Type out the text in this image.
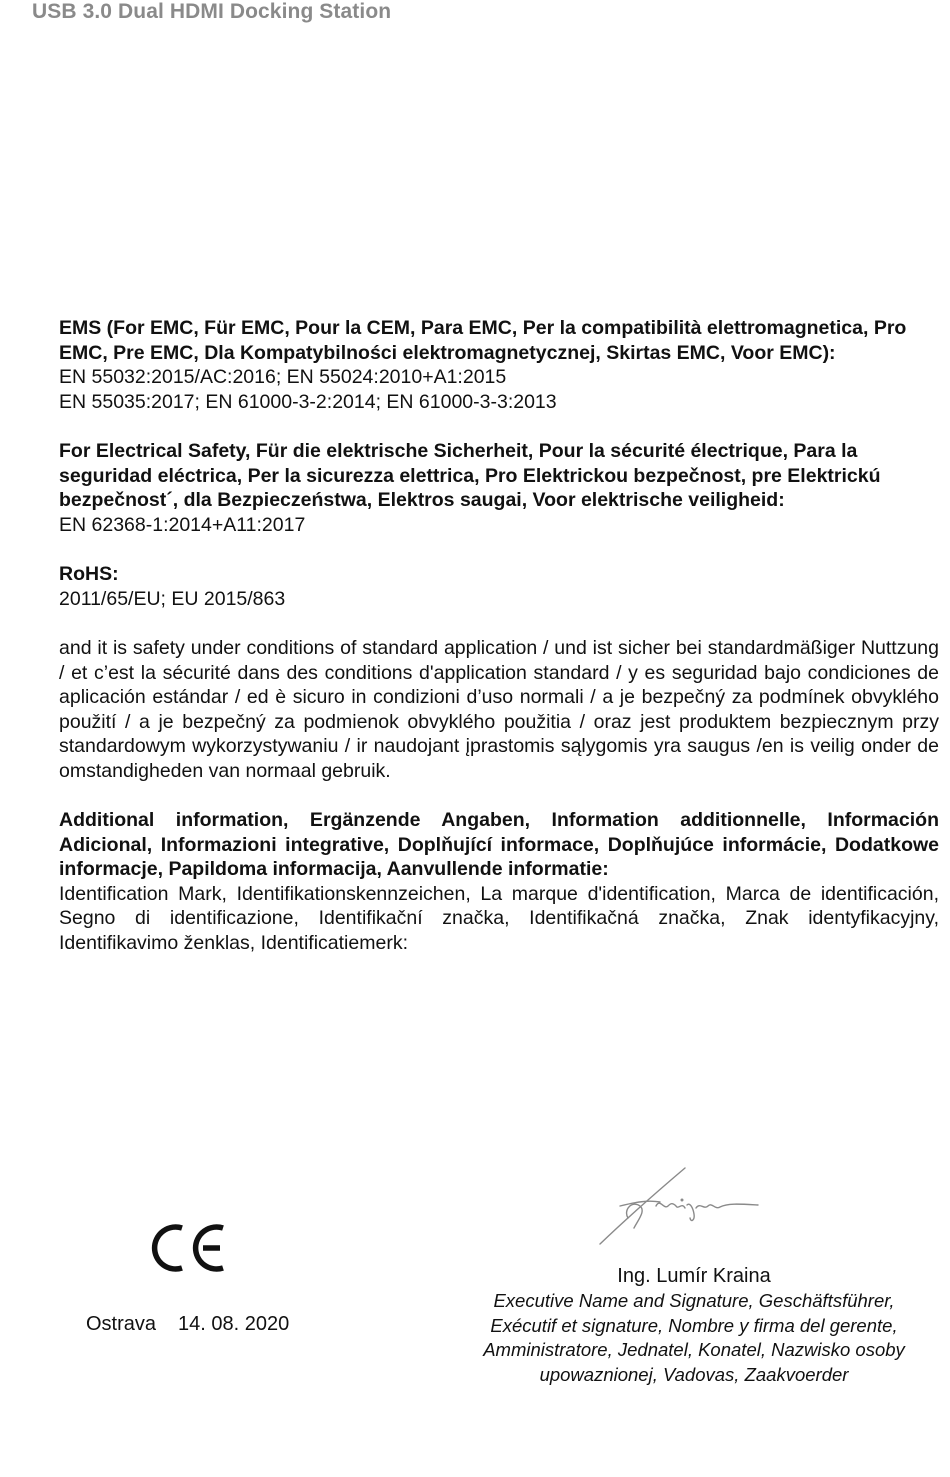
USB 3.0 Dual HDMI Docking Station

EMS (For EMC, Für EMC, Pour la CEM, Para EMC, Per la compatibilità elettromagnetica, Pro EMC, Pre EMC, Dla Kompatybilności elektromagnetycznej, Skirtas EMC, Voor EMC):

EN 55032:2015/AC:2016; EN 55024:2010+A1:2015

EN 55035:2017; EN 61000-3-2:2014; EN 61000-3-3:2013

For Electrical Safety, Für die elektrische Sicherheit, Pour la sécurité électrique, Para la seguridad eléctrica, Per la sicurezza elettrica, Pro Elektrickou bezpečnost, pre Elektrickú bezpečnost´, dla Bezpieczeństwa, Elektros saugai, Voor elektrische veiligheid:

EN 62368-1:2014+A11:2017

RoHS:

2011/65/EU; EU 2015/863

and it is safety under conditions of standard application / und ist sicher bei standardmäßiger Nuttzung / et c’est la sécurité dans des conditions d'application standard / y es seguridad bajo condiciones de aplicación estándar / ed è sicuro in condizioni d’uso normali / a je bezpečný za podmínek obvyklého použití / a je bezpečný za podmienok obvyklého použitia / oraz jest produktem bezpiecznym przy standardowym wykorzystywaniu / ir naudojant įprastomis sąlygomis yra saugus /en is veilig onder de omstandigheden van normaal gebruik.

Additional information, Ergänzende Angaben, Information additionnelle, Información Adicional, Informazioni integrative, Doplňující informace, Doplňujúce informácie, Dodatkowe informacje, Papildoma informacija, Aanvullende informatie:

Identification Mark, Identifikationskennzeichen, La marque d'identification, Marca de identificación, Segno di identificazione, Identifikační značka, Identifikačná značka, Znak identyfikacyjny, Identifikavimo ženklas, Identificatiemerk:

Ostrava 14. 08. 2020
Ing. Lumír Kraina
Executive Name and Signature, Geschäftsführer, Exécutif et signature, Nombre y firma del gerente, Amministratore, Jednatel, Konatel, Nazwisko osoby upowaznionej, Vadovas, Zaakvoerder
